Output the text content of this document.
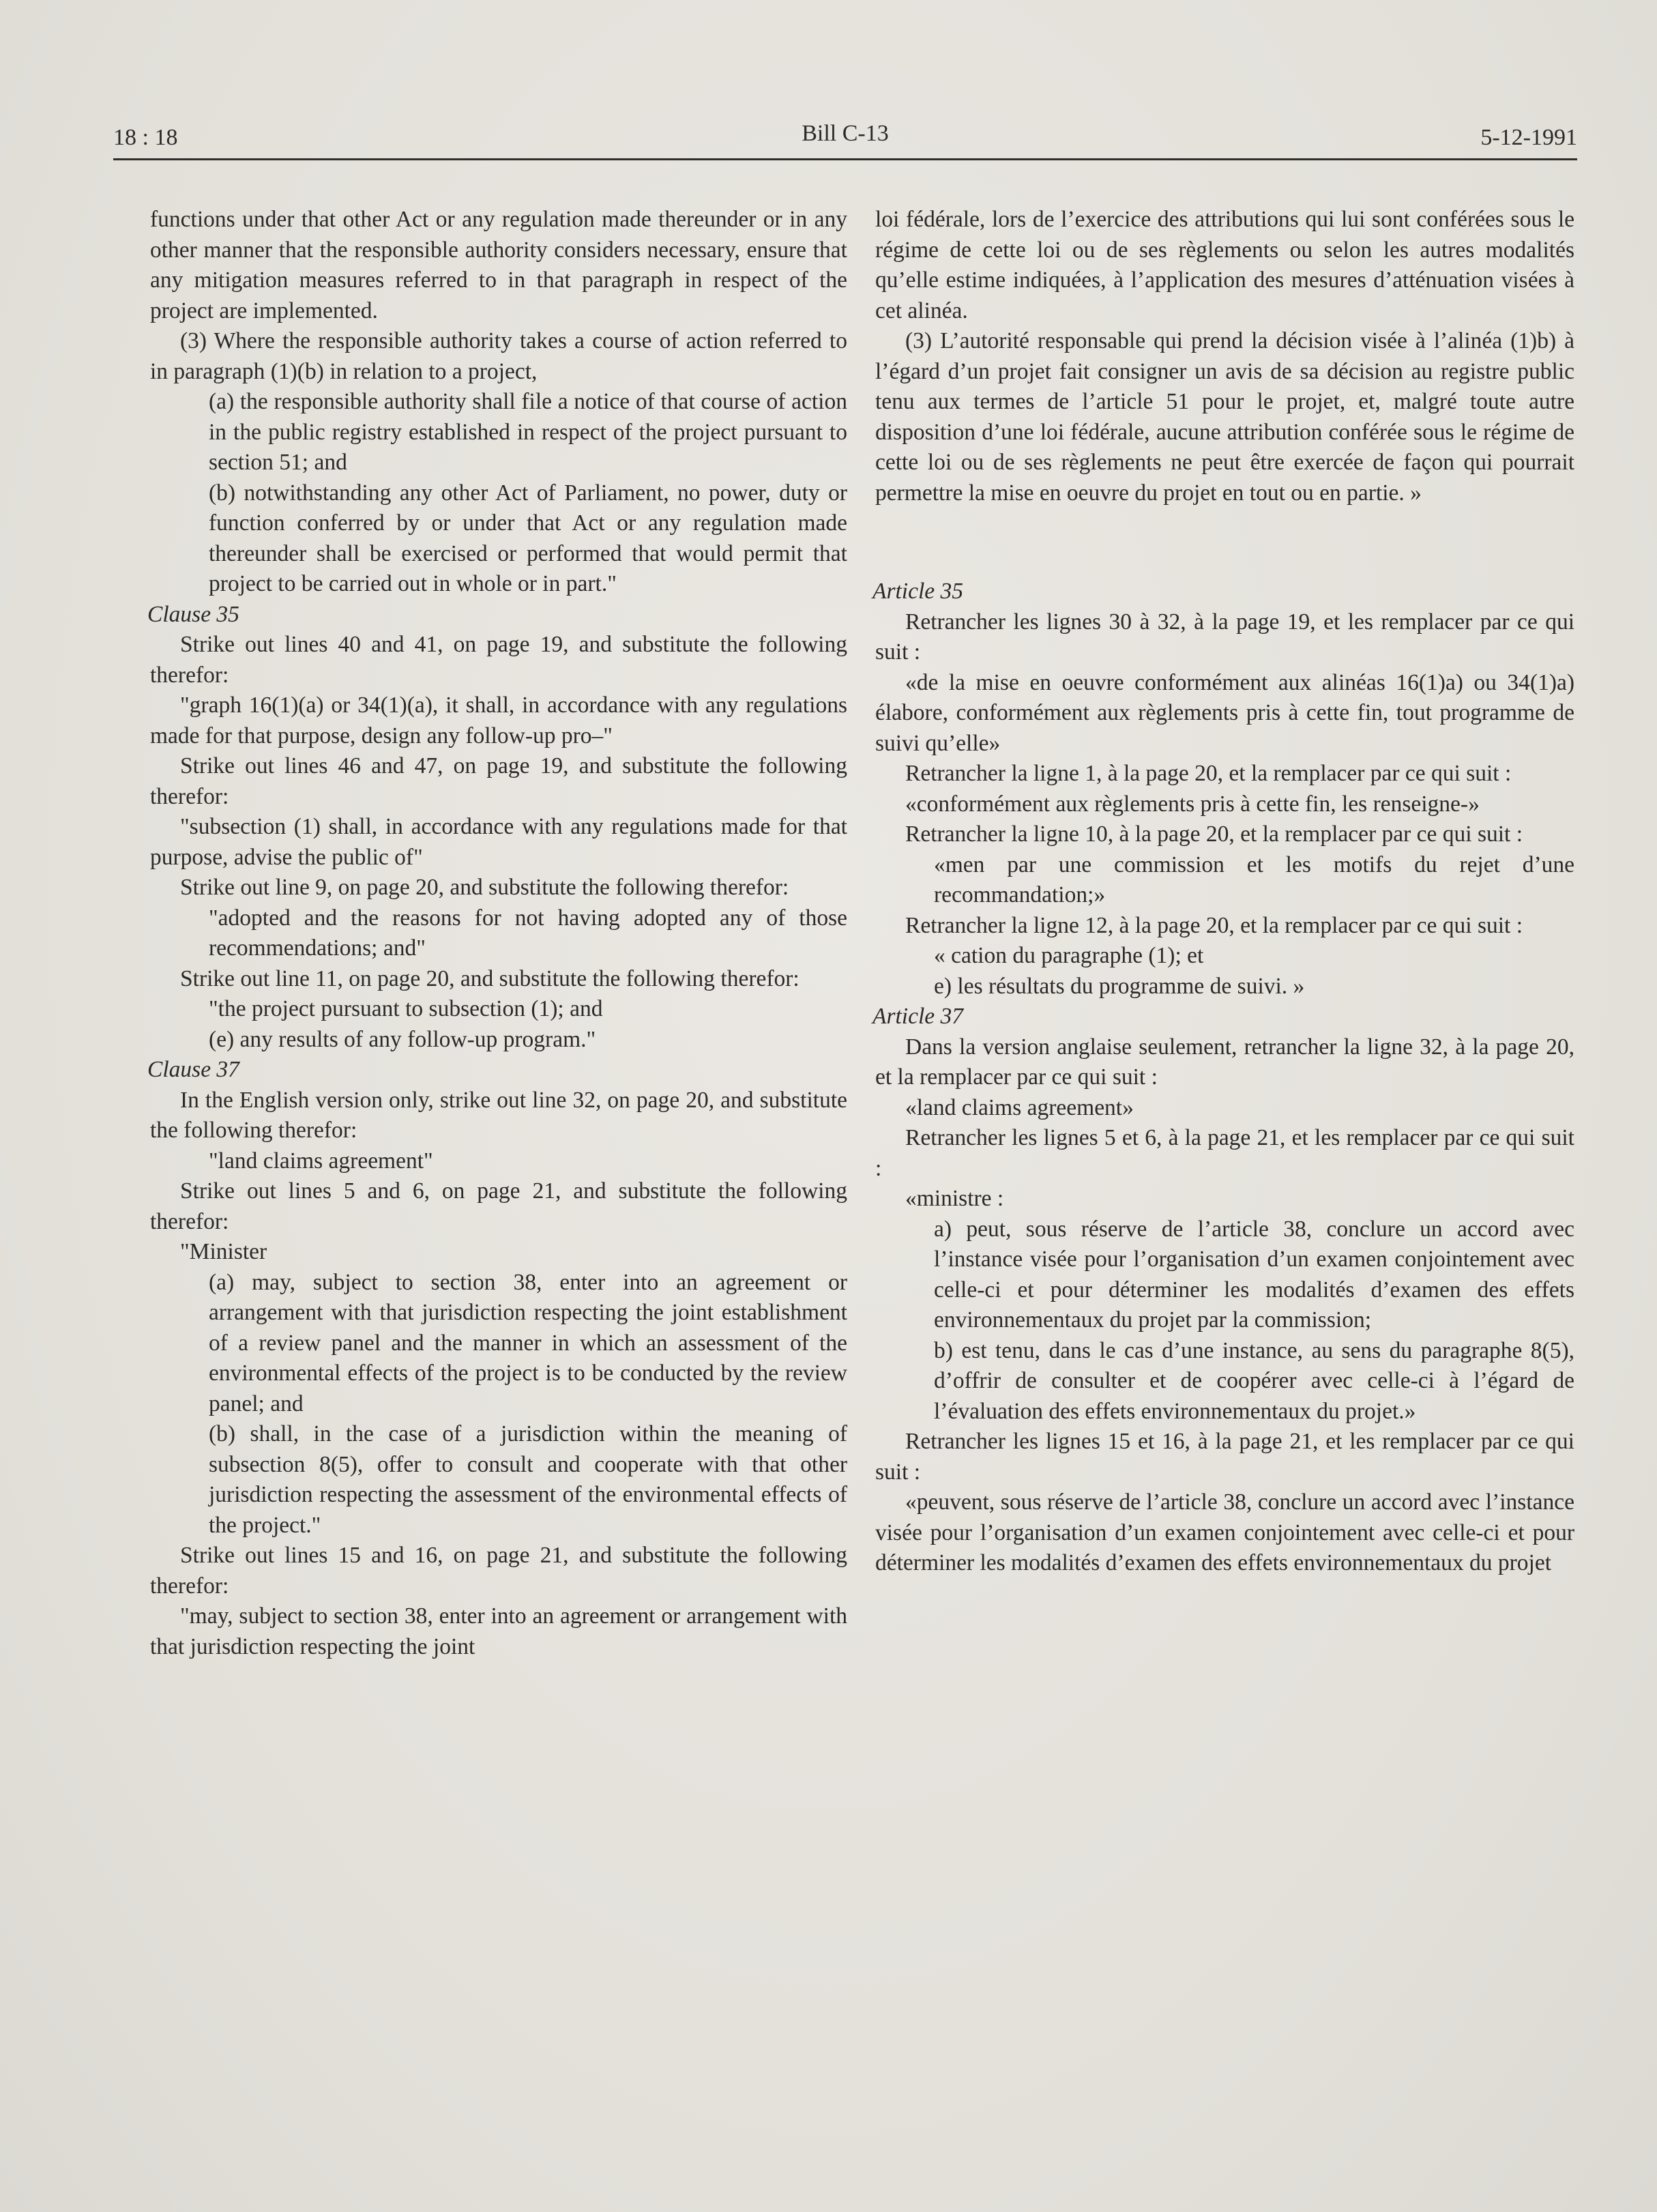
18 : 18	Bill C-13	5-12-1991

functions under that other Act or any regulation made thereunder or in any other manner that the responsible authority considers necessary, ensure that any mitigation measures referred to in that paragraph in respect of the project are implemented.

(3) Where the responsible authority takes a course of action referred to in paragraph (1)(b) in relation to a project,

(a) the responsible authority shall file a notice of that course of action in the public registry established in respect of the project pursuant to section 51; and

(b) notwithstanding any other Act of Parliament, no power, duty or function conferred by or under that Act or any regulation made thereunder shall be exercised or performed that would permit that project to be carried out in whole or in part."

Clause 35

Strike out lines 40 and 41, on page 19, and substitute the following therefor:

"graph 16(1)(a) or 34(1)(a), it shall, in accordance with any regulations made for that purpose, design any follow-up pro–"

Strike out lines 46 and 47, on page 19, and substitute the following therefor:

"subsection (1) shall, in accordance with any regulations made for that purpose, advise the public of"

Strike out line 9, on page 20, and substitute the following therefor:

"adopted and the reasons for not having adopted any of those recommendations; and"

Strike out line 11, on page 20, and substitute the following therefor:

"the project pursuant to subsection (1); and

(e) any results of any follow-up program."

Clause 37

In the English version only, strike out line 32, on page 20, and substitute the following therefor:

"land claims agreement"

Strike out lines 5 and 6, on page 21, and substitute the following therefor:

"Minister

(a) may, subject to section 38, enter into an agreement or arrangement with that jurisdiction respecting the joint establishment of a review panel and the manner in which an assessment of the environmental effects of the project is to be conducted by the review panel; and

(b) shall, in the case of a jurisdiction within the meaning of subsection 8(5), offer to consult and cooperate with that other jurisdiction respecting the assessment of the environmental effects of the project."

Strike out lines 15 and 16, on page 21, and substitute the following therefor:

"may, subject to section 38, enter into an agreement or arrangement with that jurisdiction respecting the joint

loi fédérale, lors de l’exercice des attributions qui lui sont conférées sous le régime de cette loi ou de ses règlements ou selon les autres modalités qu’elle estime indiquées, à l’application des mesures d’atténuation visées à cet alinéa.

(3) L’autorité responsable qui prend la décision visée à l’alinéa (1)b) à l’égard d’un projet fait consigner un avis de sa décision au registre public tenu aux termes de l’article 51 pour le projet, et, malgré toute autre disposition d’une loi fédérale, aucune attribution conférée sous le régime de cette loi ou de ses règlements ne peut être exercée de façon qui pourrait permettre la mise en oeuvre du projet en tout ou en partie. »

Article 35

Retrancher les lignes 30 à 32, à la page 19, et les remplacer par ce qui suit :

«de la mise en oeuvre conformément aux alinéas 16(1)a) ou 34(1)a) élabore, conformément aux règlements pris à cette fin, tout programme de suivi qu’elle»

Retrancher la ligne 1, à la page 20, et la remplacer par ce qui suit :

«conformément aux règlements pris à cette fin, les renseigne-»

Retrancher la ligne 10, à la page 20, et la remplacer par ce qui suit :

«men par une commission et les motifs du rejet d’une recommandation;»

Retrancher la ligne 12, à la page 20, et la remplacer par ce qui suit :

« cation du paragraphe (1); et

e) les résultats du programme de suivi. »

Article 37

Dans la version anglaise seulement, retrancher la ligne 32, à la page 20, et la remplacer par ce qui suit :

«land claims agreement»

Retrancher les lignes 5 et 6, à la page 21, et les remplacer par ce qui suit :

«ministre :

a) peut, sous réserve de l’article 38, conclure un accord avec l’instance visée pour l’organisation d’un examen conjointement avec celle-ci et pour déterminer les modalités d’examen des effets environnementaux du projet par la commission;

b) est tenu, dans le cas d’une instance, au sens du paragraphe 8(5), d’offrir de consulter et de coopérer avec celle-ci à l’égard de l’évaluation des effets environnementaux du projet.»

Retrancher les lignes 15 et 16, à la page 21, et les remplacer par ce qui suit :

«peuvent, sous réserve de l’article 38, conclure un accord avec l’instance visée pour l’organisation d’un examen conjointement avec celle-ci et pour déterminer les modalités d’examen des effets environnementaux du projet
